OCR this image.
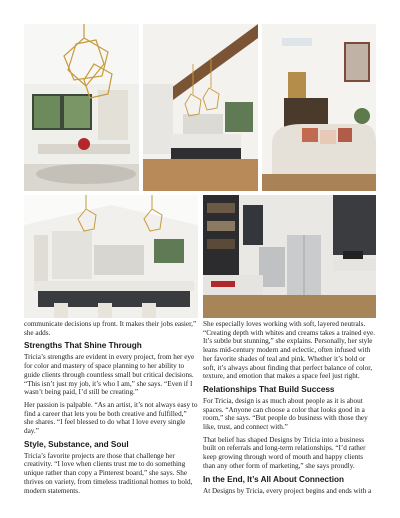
communicate decisions up front. It makes their jobs easier,” she adds.

Strengths That Shine Through

Tricia’s strengths are evident in every project, from her eye for color and mastery of space planning to her ability to guide clients through countless small but critical decisions. “This isn’t just my job, it’s who I am,” she says. “Even if I wasn’t being paid, I’d still be creating.”

Her passion is palpable. “As an artist, it’s not always easy to find a career that lets you be both creative and fulfilled,” she shares. “I feel blessed to do what I love every single day.”

Style, Substance, and Soul

Tricia’s favorite projects are those that challenge her creativity. “I love when clients trust me to do something unique rather than copy a Pinterest board,” she says. She thrives on variety, from timeless traditional homes to bold, modern statements.

She especially loves working with soft, layered neutrals. “Creating depth with whites and creams takes a trained eye. It’s subtle but stunning,” she explains. Personally, her style leans mid-century modern and eclectic, often infused with her favorite shades of teal and pink. Whether it’s bold or soft, it’s always about finding that perfect balance of color, texture, and emotion that makes a space feel just right.

Relationships That Build Success

For Tricia, design is as much about people as it is about spaces. “Anyone can choose a color that looks good in a room,” she says. “But people do business with those they like, trust, and connect with.”

That belief has shaped Designs by Tricia into a business built on referrals and long-term relationships. “I’d rather keep growing through word of mouth and happy clients than any other form of marketing,” she says proudly.

In the End, It’s All About Connection

At Designs by Tricia, every project begins and ends with a
